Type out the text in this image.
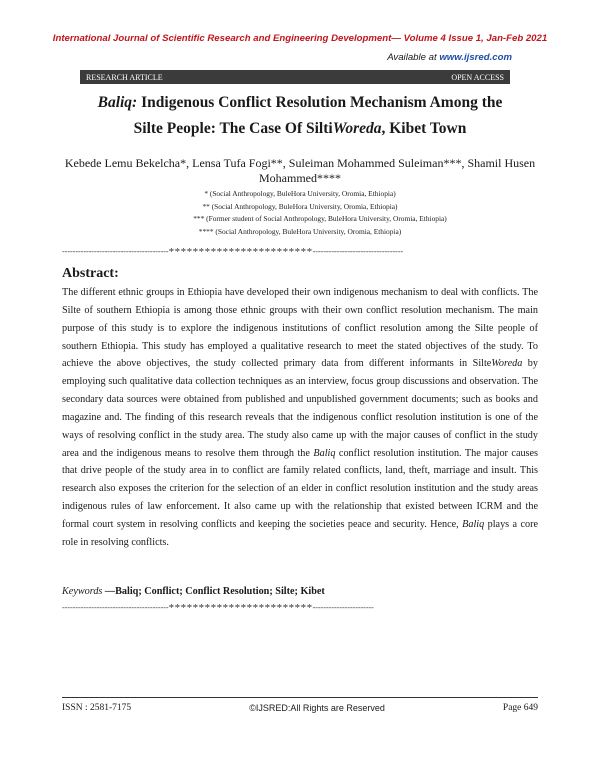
International Journal of Scientific Research and Engineering Development— Volume 4 Issue 1, Jan-Feb 2021
Available at www.ijsred.com
RESEARCH ARTICLE	OPEN ACCESS
Baliq: Indigenous Conflict Resolution Mechanism Among the
Silte People: The Case Of SiltiWoreda, Kibet Town
Kebede Lemu Bekelcha*, Lensa Tufa Fogi**, Suleiman Mohammed Suleiman***, Shamil Husen Mohammed****
* (Social Anthropology, BuleHora University, Oromia, Ethiopia)
** (Social Anthropology, BuleHora University, Oromia, Ethiopia)
*** (Former student of Social Anthropology, BuleHora University, Oromia, Ethiopia)
**** (Social Anthropology, BuleHora University, Oromia, Ethiopia)
----------------------------------------************************----------------------------------
Abstract:
The different ethnic groups in Ethiopia have developed their own indigenous mechanism to deal with conflicts. The Silte of southern Ethiopia is among those ethnic groups with their own conflict resolution mechanism. The main purpose of this study is to explore the indigenous institutions of conflict resolution among the Silte people of southern Ethiopia. This study has employed a qualitative research to meet the stated objectives of the study. To achieve the above objectives, the study collected primary data from different informants in SilteWoreda by employing such qualitative data collection techniques as an interview, focus group discussions and observation. The secondary data sources were obtained from published and unpublished government documents; such as books and magazine and. The finding of this research reveals that the indigenous conflict resolution institution is one of the ways of resolving conflict in the study area. The study also came up with the major causes of conflict in the study area and the indigenous means to resolve them through the Baliq conflict resolution institution. The major causes that drive people of the study area in to conflict are family related conflicts, land, theft, marriage and insult. This research also exposes the criterion for the selection of an elder in conflict resolution institution and the study areas indigenous rules of law enforcement. It also came up with the relationship that existed between ICRM and the formal court system in resolving conflicts and keeping the societies peace and security. Hence, Baliq plays a core role in resolving conflicts.
Keywords —Baliq; Conflict; Conflict Resolution; Silte; Kibet
----------------------------------------************************-----------------------
ISSN : 2581-7175	©IJSRED:All Rights are Reserved	Page 649
